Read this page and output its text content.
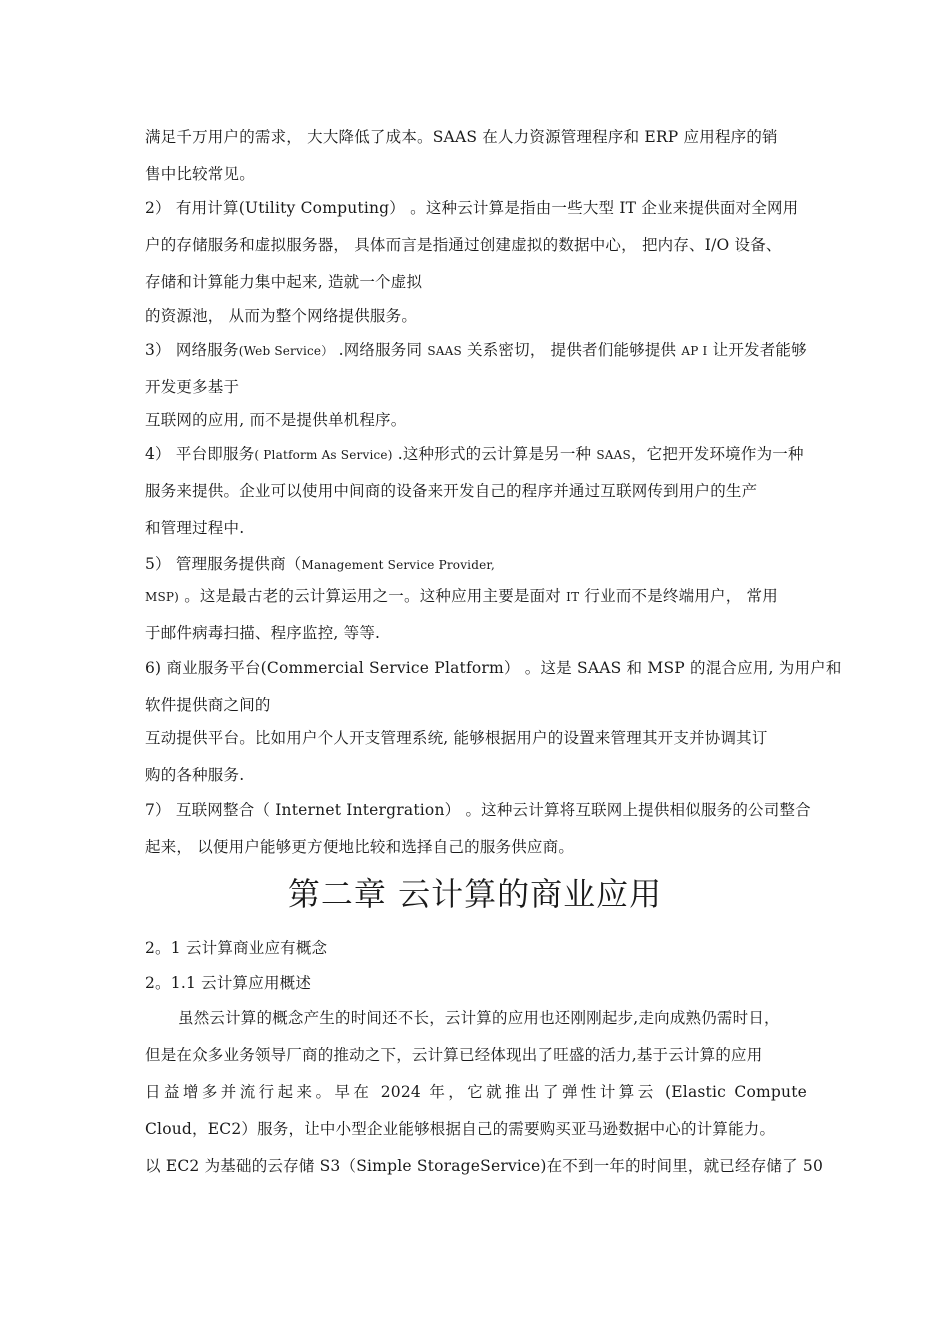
满足千万用户的需求， 大大降低了成本。SAAS 在人力资源管理程序和 ERP 应用程序的销
售中比较常见。
2） 有用计算(Utility Computing） 。这种云计算是指由一些大型 IT 企业来提供面对全网用
户的存储服务和虚拟服务器， 具体而言是指通过创建虚拟的数据中心， 把内存、I/O 设备、
存储和计算能力集中起来, 造就一个虚拟
的资源池， 从而为整个网络提供服务。
3） 网络服务(Web Service） .网络服务同 SAAS 关系密切， 提供者们能够提供 AP I 让开发者能够
开发更多基于
互联网的应用, 而不是提供单机程序。
4） 平台即服务( Platform As Service) .这种形式的云计算是另一种 SAAS，它把开发环境作为一种
服务来提供。企业可以使用中间商的设备来开发自己的程序并通过互联网传到用户的生产
和管理过程中.
5） 管理服务提供商（Management Service Provider,
MSP) 。这是最古老的云计算运用之一。这种应用主要是面对 IT 行业而不是终端用户， 常用
于邮件病毒扫描、程序监控, 等等.
6) 商业服务平台(Commercial Service Platform） 。这是 SAAS 和 MSP 的混合应用, 为用户和
软件提供商之间的
互动提供平台。比如用户个人开支管理系统, 能够根据用户的设置来管理其开支并协调其订
购的各种服务.
7） 互联网整合（ Internet Intergration） 。这种云计算将互联网上提供相似服务的公司整合
起来， 以便用户能够更方便地比较和选择自己的服务供应商。
第二章 云计算的商业应用
2。1 云计算商业应有概念
2。1.1 云计算应用概述
虽然云计算的概念产生的时间还不长，云计算的应用也还刚刚起步,走向成熟仍需时日，
但是在众多业务领导厂商的推动之下，云计算已经体现出了旺盛的活力,基于云计算的应用
日益增多并流行起来。早在 2024 年，它就推出了弹性计算云 (Elastic Compute
Cloud，EC2）服务，让中小型企业能够根据自己的需要购买亚马逊数据中心的计算能力。
以 EC2 为基础的云存储 S3（Simple StorageService)在不到一年的时间里，就已经存储了 50
